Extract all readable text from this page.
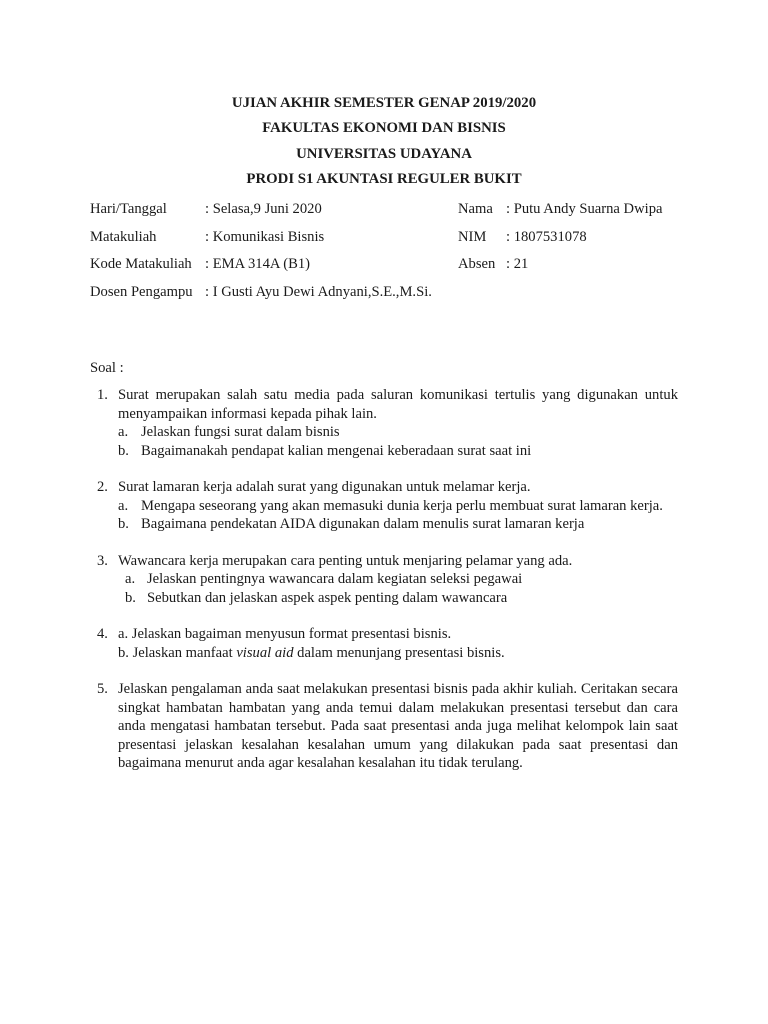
UJIAN AKHIR SEMESTER GENAP 2019/2020
FAKULTAS EKONOMI DAN BISNIS
UNIVERSITAS UDAYANA
PRODI S1 AKUNTASI REGULER BUKIT
Hari/Tanggal	: Selasa,9 Juni 2020	Nama : Putu Andy Suarna Dwipa
Matakuliah	: Komunikasi Bisnis	NIM : 1807531078
Kode Matakuliah : EMA 314A (B1)	Absen : 21
Dosen Pengampu : I Gusti Ayu Dewi Adnyani,S.E.,M.Si.
Soal :
1. Surat merupakan salah satu media pada saluran komunikasi tertulis yang digunakan untuk menyampaikan informasi kepada pihak lain.
a. Jelaskan fungsi surat dalam bisnis
b. Bagaimanakah pendapat kalian mengenai keberadaan surat saat ini
2. Surat lamaran kerja adalah surat yang digunakan untuk melamar kerja.
a. Mengapa seseorang yang akan memasuki dunia kerja perlu membuat surat lamaran kerja.
b. Bagaimana pendekatan AIDA digunakan dalam menulis surat lamaran kerja
3. Wawancara kerja merupakan cara penting untuk menjaring pelamar yang ada.
a. Jelaskan pentingnya wawancara dalam kegiatan seleksi pegawai
b. Sebutkan dan jelaskan aspek aspek penting dalam wawancara
4. a. Jelaskan bagaiman menyusun format presentasi bisnis.
b. Jelaskan manfaat visual aid dalam menunjang presentasi bisnis.
5. Jelaskan pengalaman anda saat melakukan presentasi bisnis pada akhir kuliah. Ceritakan secara singkat hambatan hambatan yang anda temui dalam melakukan presentasi tersebut dan cara anda mengatasi hambatan tersebut. Pada saat presentasi anda juga melihat kelompok lain saat presentasi jelaskan kesalahan kesalahan umum yang dilakukan pada saat presentasi dan bagaimana menurut anda agar kesalahan kesalahan itu tidak terulang.
